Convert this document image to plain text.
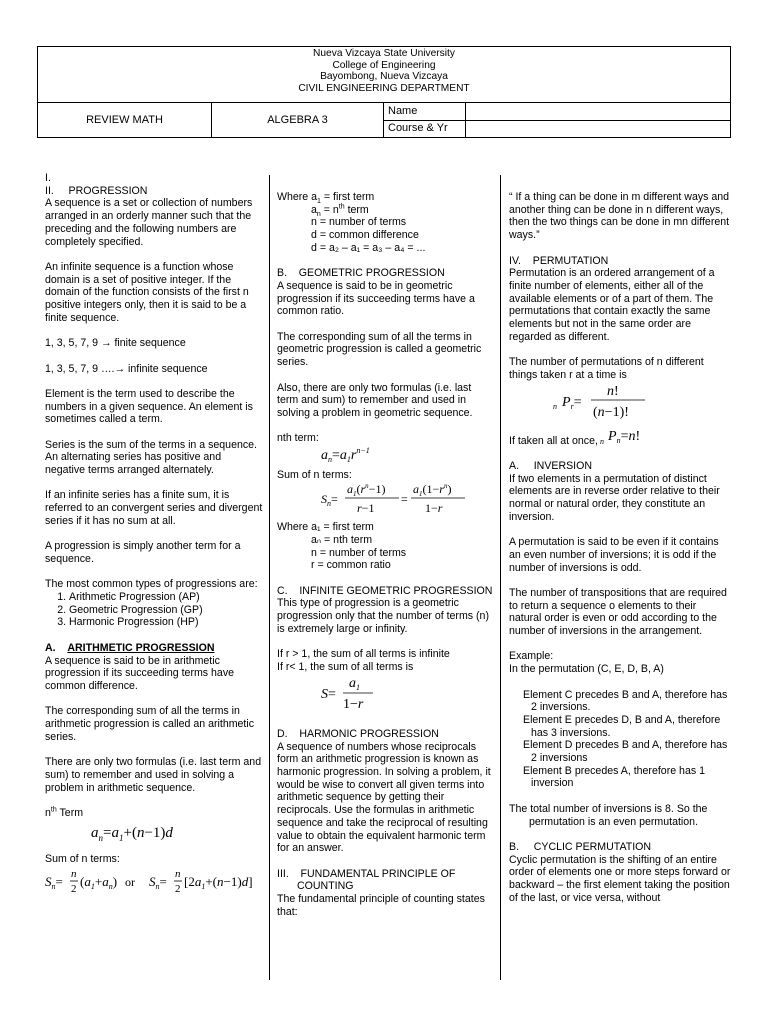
Nueva Vizcaya State University
College of Engineering
Bayombong, Nueva Vizcaya
CIVIL ENGINEERING DEPARTMENT
REVIEW MATH	ALGEBRA 3
Name
Course & Yr

I.

II.     PROGRESSION

A sequence is a set or collection of numbers arranged in an orderly manner such that the preceding and the following numbers are completely specified.

An infinite sequence is a function whose domain is a set of positive integer. If the domain of the function consists of the first n positive integers only, then it is said to be a finite sequence.

1, 3, 5, 7, 9 → finite sequence

1, 3, 5, 7, 9 ….→ infinite sequence

Element is the term used to describe the numbers in a given sequence. An element is sometimes called a term.

Series is the sum of the terms in a sequence. An alternating series has positive and negative terms arranged alternately.

If an infinite series has a finite sum, it is referred to an convergent series and divergent series if it has no sum at all.

A progression is simply another term for a sequence.

The most common types of progressions are:

1. Arithmetic Progression (AP)
2. Geometric Progression (GP)
3. Harmonic Progression (HP)

A. ARITHMETIC PROGRESSION

A sequence is said to be in arithmetic progression if its succeeding terms have common difference.

The corresponding sum of all the terms in arithmetic progression is called an arithmetic series.

There are only two formulas (i.e. last term and sum) to remember and used in solving a problem in arithmetic sequence.

$n^{th}$ Term

$a_n=a_1+(n-1)d$

Sum of n terms:

$S_n= n$
2 $(a_1+a_n)$ or $S_n= n$
2 $[2a_1+(n-1)d]$

Where $a_1$ = first term

$a_n = n^{th}$ term

n = number of terms

d = common difference

d = a₂ – a₁ = a₃ – a₄ = ...

B.    GEOMETRIC PROGRESSION

A sequence is said to be in geometric progression if its succeeding terms have a common ratio.

The corresponding sum of all the terms in geometric progression is called a geometric series.

Also, there are only two formulas (i.e. last term and sum) to remember and used in solving a problem in geometric sequence.

nth term:

$a_n=a_1r^{n-1}$

Sum of n terms:

$S_n=$
$a_1(r^n-1)$
r−1
=
$a_1(1-r^n)$
1−r

Where a₁ = first term

aₙ = nth term

n = number of terms

r = common ratio

C.    INFINITE GEOMETRIC PROGRESSION

This type of progression is a geometric progression only that the number of terms (n) is extremely large or infinity.

If r > 1, the sum of all terms is infinite

If r< 1, the sum of all terms is

S=
$a_1$
1−r

D.    HARMONIC PROGRESSION

A sequence of numbers whose reciprocals form an arithmetic progression is known as harmonic progression. In solving a problem, it would be wise to convert all given terms into arithmetic sequence by getting their reciprocals. Use the formulas in arithmetic sequence and take the reciprocal of resulting value to obtain the equivalent harmonic term for an answer.

III.    FUNDAMENTAL PRINCIPLE OF COUNTING

The fundamental principle of counting states that:

“ If a thing can be done in m different ways and another thing can be done in n different ways, then the two things can be done in mn different ways.”

IV.    PERMUTATION

Permutation is an ordered arrangement of a finite number of elements, either all of the available elements or of a part of them. The permutations that contain exactly the same elements but not in the same order are regarded as different.

The number of permutations of n different things taken r at a time is

n $P_r=$
n!
(n−1)!
If taken all at once, n $P_n=n$!

A.     INVERSION

If two elements in a permutation of distinct elements are in reverse order relative to their normal or natural order, they constitute an inversion.

A permutation is said to be even if it contains an even number of inversions; it is odd if the number of inversions is odd.

The number of transpositions that are required to return a sequence o elements to their natural order is even or odd according to the number of inversions in the arrangement.

Example:

In the permutation (C, E, D, B, A)

Element C precedes B and A, therefore has 2 inversions.

Element E precedes D, B and A, therefore has 3 inversions.

Element D precedes B and A, therefore has 2 inversions

Element B precedes A, therefore has 1 inversion

The total number of inversions is 8. So the permutation is an even permutation.

B.     CYCLIC PERMUTATION

Cyclic permutation is the shifting of an entire order of elements one or more steps forward or backward – the first element taking the position of the last, or vice versa, without
